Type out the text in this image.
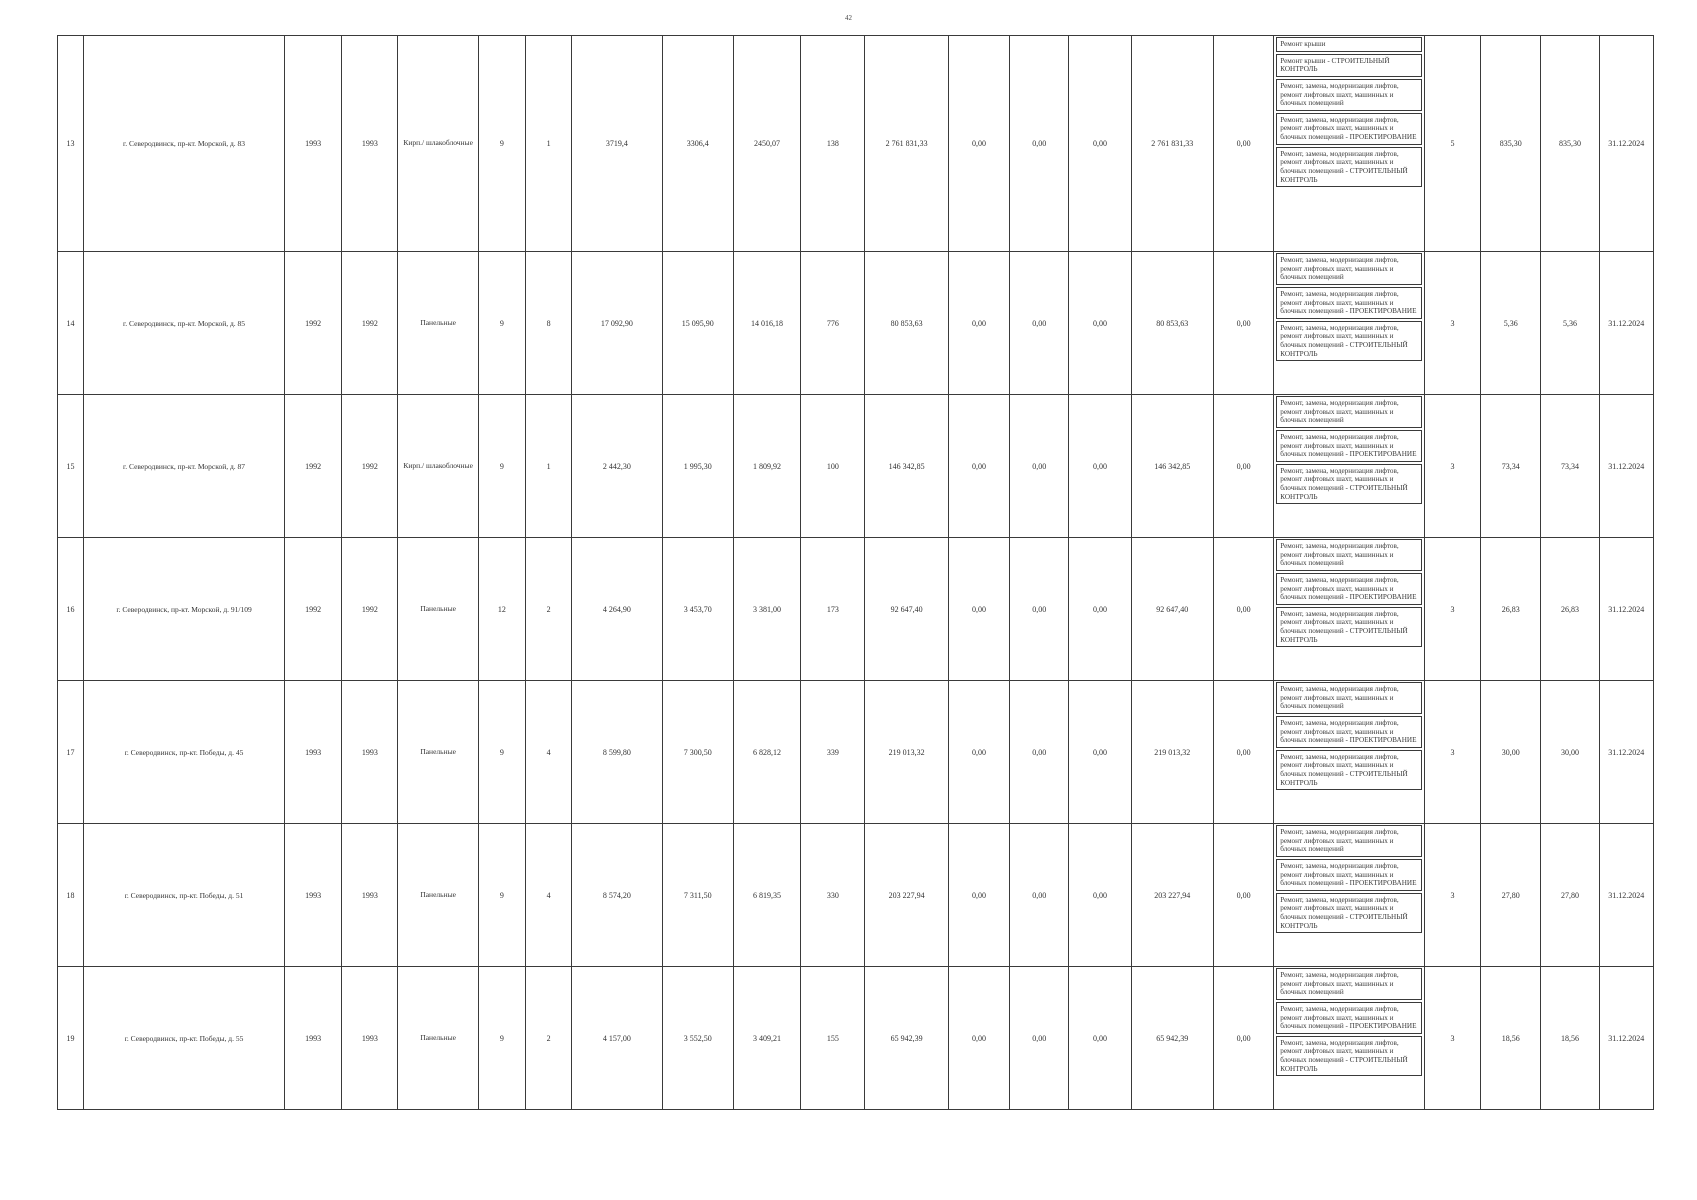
42
13	г. Северодвинск, пр-кт. Морской, д. 83	1993	1993	Кирп./ шлакоблочные	9	1	3719,4	3306,4	2450,07	138	2 761 831,33	0,00	0,00	0,00	2 761 831,33	0,00	Ремонт крыши
Ремонт крыши - СТРОИТЕЛЬНЫЙ КОНТРОЛЬ
Ремонт, замена, модернизация лифтов, ремонт лифтовых шахт, машинных и блочных помещений
Ремонт, замена, модернизация лифтов, ремонт лифтовых шахт, машинных и блочных помещений - ПРОЕКТИРОВАНИЕ
Ремонт, замена, модернизация лифтов, ремонт лифтовых шахт, машинных и блочных помещений - СТРОИТЕЛЬНЫЙ КОНТРОЛЬ	5	835,30	835,30	31.12.2024
14	г. Северодвинск, пр-кт. Морской, д. 85	1992	1992	Панельные	9	8	17 092,90	15 095,90	14 016,18	776	80 853,63	0,00	0,00	0,00	80 853,63	0,00	Ремонт, замена, модернизация лифтов, ремонт лифтовых шахт, машинных и блочных помещений
Ремонт, замена, модернизация лифтов, ремонт лифтовых шахт, машинных и блочных помещений - ПРОЕКТИРОВАНИЕ
Ремонт, замена, модернизация лифтов, ремонт лифтовых шахт, машинных и блочных помещений - СТРОИТЕЛЬНЫЙ КОНТРОЛЬ	3	5,36	5,36	31.12.2024
15	г. Северодвинск, пр-кт. Морской, д. 87	1992	1992	Кирп./ шлакоблочные	9	1	2 442,30	1 995,30	1 809,92	100	146 342,85	0,00	0,00	0,00	146 342,85	0,00	Ремонт, замена, модернизация лифтов, ремонт лифтовых шахт, машинных и блочных помещений
Ремонт, замена, модернизация лифтов, ремонт лифтовых шахт, машинных и блочных помещений - ПРОЕКТИРОВАНИЕ
Ремонт, замена, модернизация лифтов, ремонт лифтовых шахт, машинных и блочных помещений - СТРОИТЕЛЬНЫЙ КОНТРОЛЬ	3	73,34	73,34	31.12.2024
16	г. Северодвинск, пр-кт. Морской, д. 91/109	1992	1992	Панельные	12	2	4 264,90	3 453,70	3 381,00	173	92 647,40	0,00	0,00	0,00	92 647,40	0,00	Ремонт, замена, модернизация лифтов, ремонт лифтовых шахт, машинных и блочных помещений
Ремонт, замена, модернизация лифтов, ремонт лифтовых шахт, машинных и блочных помещений - ПРОЕКТИРОВАНИЕ
Ремонт, замена, модернизация лифтов, ремонт лифтовых шахт, машинных и блочных помещений - СТРОИТЕЛЬНЫЙ КОНТРОЛЬ	3	26,83	26,83	31.12.2024
17	г. Северодвинск, пр-кт. Победы, д. 45	1993	1993	Панельные	9	4	8 599,80	7 300,50	6 828,12	339	219 013,32	0,00	0,00	0,00	219 013,32	0,00	Ремонт, замена, модернизация лифтов, ремонт лифтовых шахт, машинных и блочных помещений
Ремонт, замена, модернизация лифтов, ремонт лифтовых шахт, машинных и блочных помещений - ПРОЕКТИРОВАНИЕ
Ремонт, замена, модернизация лифтов, ремонт лифтовых шахт, машинных и блочных помещений - СТРОИТЕЛЬНЫЙ КОНТРОЛЬ	3	30,00	30,00	31.12.2024
18	г. Северодвинск, пр-кт. Победы, д. 51	1993	1993	Панельные	9	4	8 574,20	7 311,50	6 819,35	330	203 227,94	0,00	0,00	0,00	203 227,94	0,00	Ремонт, замена, модернизация лифтов, ремонт лифтовых шахт, машинных и блочных помещений
Ремонт, замена, модернизация лифтов, ремонт лифтовых шахт, машинных и блочных помещений - ПРОЕКТИРОВАНИЕ
Ремонт, замена, модернизация лифтов, ремонт лифтовых шахт, машинных и блочных помещений - СТРОИТЕЛЬНЫЙ КОНТРОЛЬ	3	27,80	27,80	31.12.2024
19	г. Северодвинск, пр-кт. Победы, д. 55	1993	1993	Панельные	9	2	4 157,00	3 552,50	3 409,21	155	65 942,39	0,00	0,00	0,00	65 942,39	0,00	Ремонт, замена, модернизация лифтов, ремонт лифтовых шахт, машинных и блочных помещений
Ремонт, замена, модернизация лифтов, ремонт лифтовых шахт, машинных и блочных помещений - ПРОЕКТИРОВАНИЕ
Ремонт, замена, модернизация лифтов, ремонт лифтовых шахт, машинных и блочных помещений - СТРОИТЕЛЬНЫЙ КОНТРОЛЬ	3	18,56	18,56	31.12.2024
